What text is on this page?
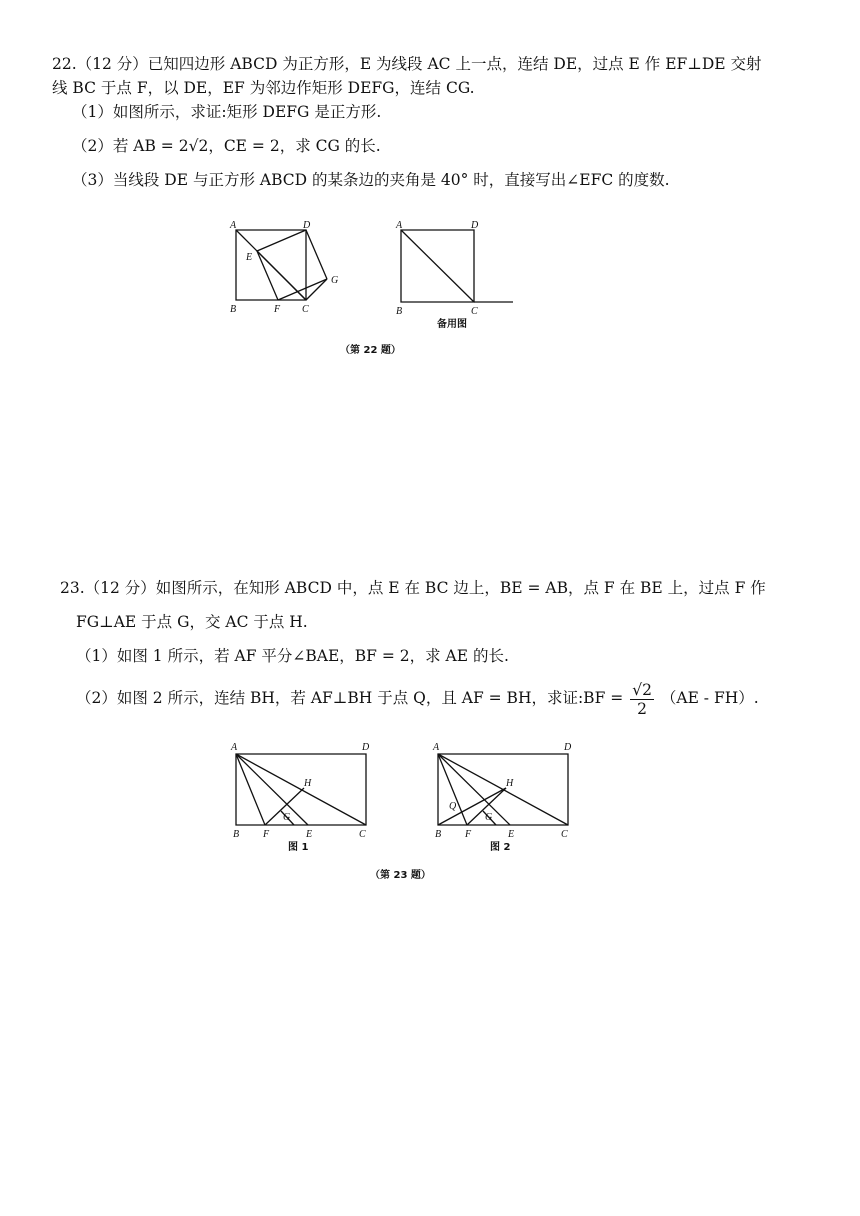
22.（12 分）已知四边形 ABCD 为正方形，E 为线段 AC 上一点，连结 DE，过点 E 作 EF⊥DE 交射
线 BC 于点 F，以 DE，EF 为邻边作矩形 DEFG，连结 CG.
（1）如图所示，求证:矩形 DEFG 是正方形.
（2）若 AB = 2√2，CE = 2，求 CG 的长.
（3）当线段 DE 与正方形 ABCD 的某条边的夹角是 40° 时，直接写出∠EFC 的度数.
A	D
E
G
B	F C
A	D
B	C
备用图
（第 22 题）
23.（12 分）如图所示，在知形 ABCD 中，点 E 在 BC 边上，BE = AB，点 F 在 BE 上，过点 F 作
FG⊥AE 于点 G，交 AC 于点 H.
（1）如图 1 所示，若 AF 平分∠BAE，BF = 2，求 AE 的长.
（2）如图 2 所示，连结 BH，若 AF⊥BH 于点 Q，且 AF = BH，求证:BF = $\frac{√2}{2} (AE - FH)$.
A	D
H
G
B F	E	C
图 1
A	D
H
Q
G
B F	E	C
图 2
（第 23 题）
